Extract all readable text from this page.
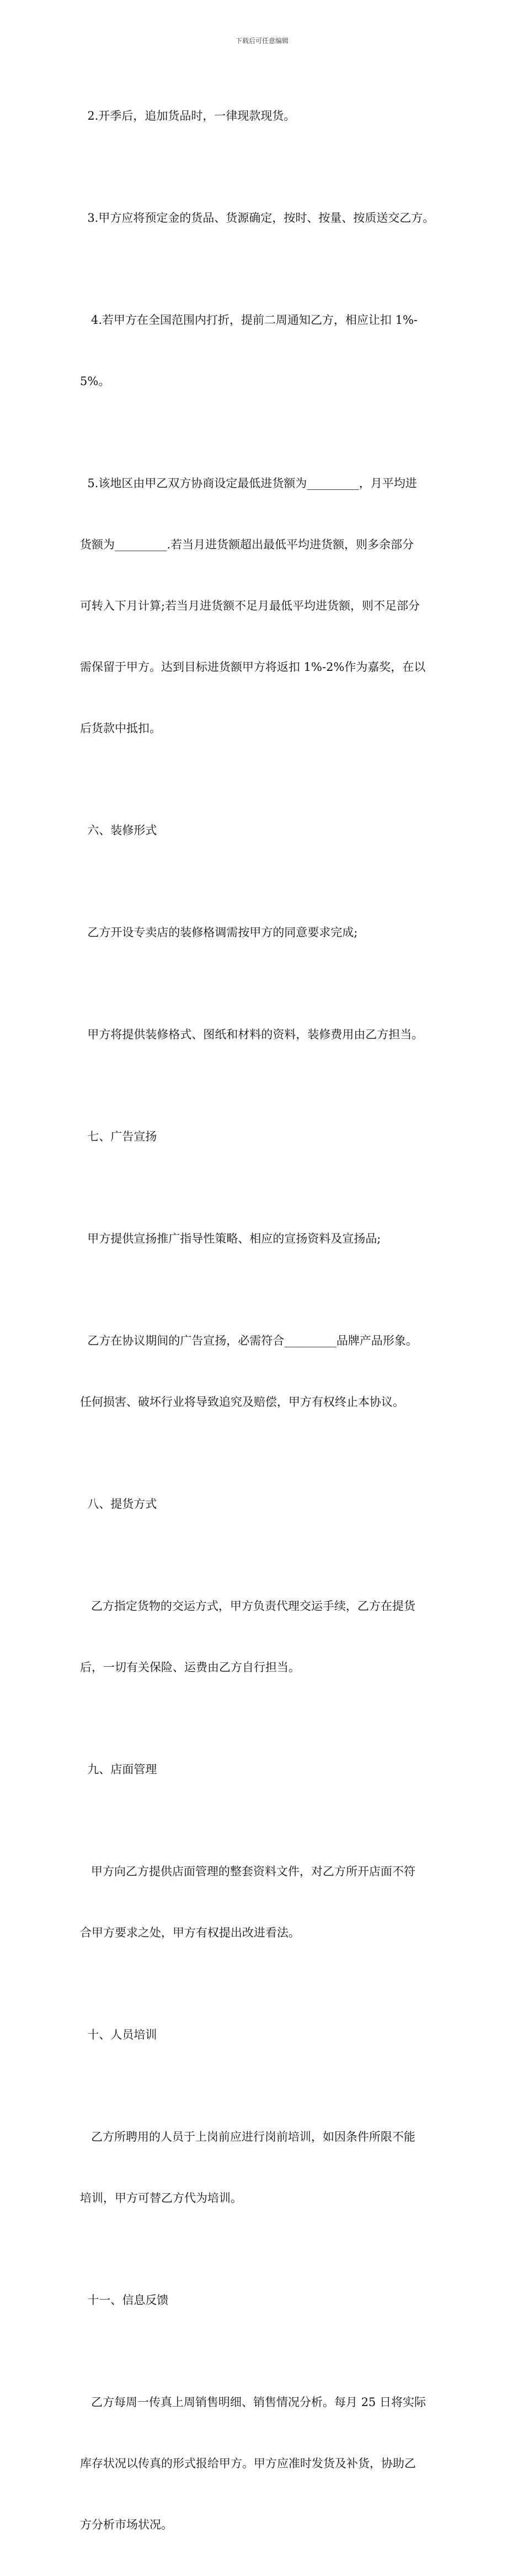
下载后可任意编辑

2.开季后，追加货品时，一律现款现货。

3.甲方应将预定金的货品、货源确定，按时、按量、按质送交乙方。

4.若甲方在全国范围内打折，提前二周通知乙方，相应让扣 1%-

5%。

5.该地区由甲乙双方协商设定最低进货额为_________，月平均进

货额为_________.若当月进货额超出最低平均进货额，则多余部分

可转入下月计算;若当月进货额不足月最低平均进货额，则不足部分

需保留于甲方。达到目标进货额甲方将返扣 1%-2%作为嘉奖，在以

后货款中抵扣。

六、装修形式

乙方开设专卖店的装修格调需按甲方的同意要求完成;

甲方将提供装修格式、图纸和材料的资料，装修费用由乙方担当。

七、广告宣扬

甲方提供宣扬推广指导性策略、相应的宣扬资料及宣扬品;

乙方在协议期间的广告宣扬，必需符合_________品牌产品形象。

任何损害、破坏行业将导致追究及赔偿，甲方有权终止本协议。

八、提货方式

乙方指定货物的交运方式，甲方负责代理交运手续，乙方在提货

后，一切有关保险、运费由乙方自行担当。

九、店面管理

甲方向乙方提供店面管理的整套资料文件，对乙方所开店面不符

合甲方要求之处，甲方有权提出改进看法。

十、人员培训

乙方所聘用的人员于上岗前应进行岗前培训，如因条件所限不能

培训，甲方可替乙方代为培训。

十一、信息反馈

乙方每周一传真上周销售明细、销售情况分析。每月 25 日将实际

库存状况以传真的形式报给甲方。甲方应准时发货及补货，协助乙

方分析市场状况。
